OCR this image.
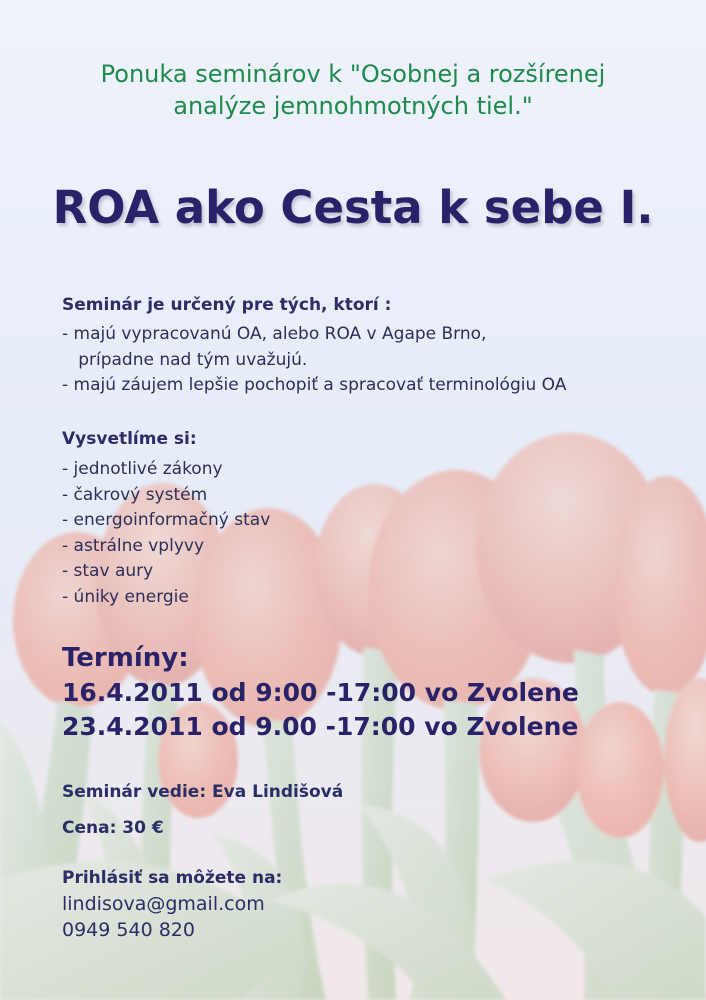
Ponuka seminárov k "Osobnej a rozšírenej
analýze jemnohmotných tiel."
ROA ako Cesta k sebe I.
Seminár je určený pre tých, ktorí :
- majú vypracovanú OA, alebo ROA v Agape Brno,
prípadne nad tým uvažujú.
- majú záujem lepšie pochopiť a spracovať terminológiu OA
Vysvetlíme si:
- jednotlivé zákony
- čakrový systém
- energoinformačný stav
- astrálne vplyvy
- stav aury
- úniky energie
Termíny:
16.4.2011 od 9:00 -17:00 vo Zvolene
23.4.2011 od 9.00 -17:00 vo Zvolene
Seminár vedie: Eva Lindišová
Cena: 30 €
Prihlásiť sa môžete na:
lindisova@gmail.com
0949 540 820
